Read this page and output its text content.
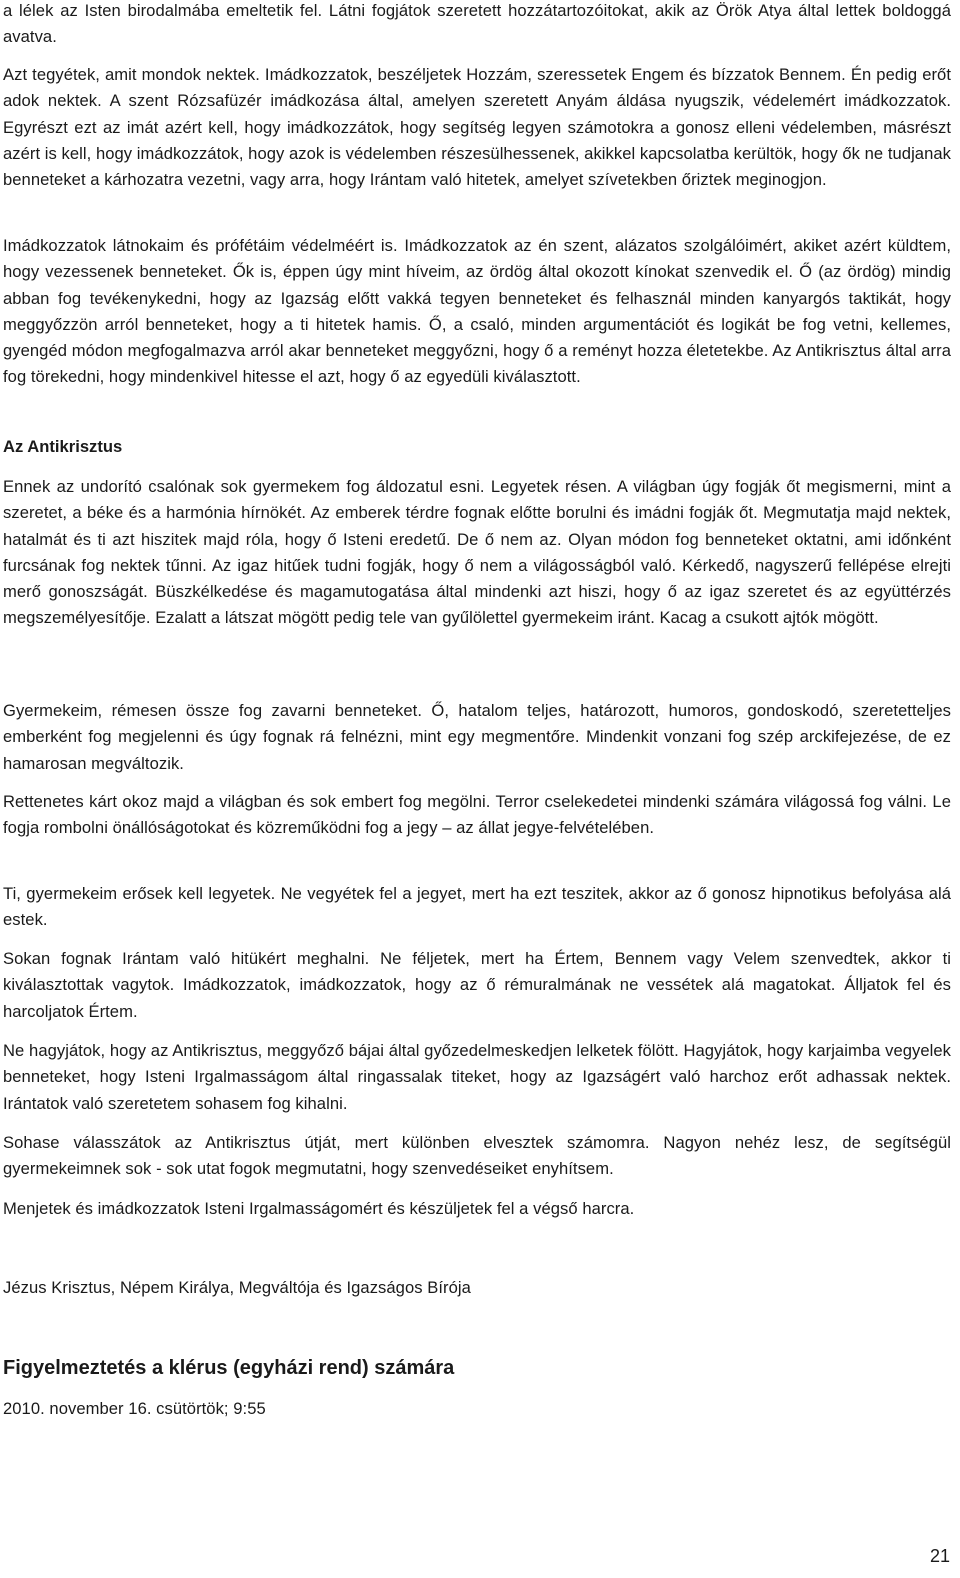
a lélek az Isten birodalmába emeltetik fel. Látni fogjátok szeretett hozzátartozóitokat, akik az Örök Atya által lettek boldoggá avatva.

Azt tegyétek, amit mondok nektek. Imádkozzatok, beszéljetek Hozzám, szeressetek Engem és bízzatok Bennem. Én pedig erőt adok nektek. A szent Rózsafüzér imádkozása által, amelyen szeretett Anyám áldása nyugszik, védelemért imádkozzatok. Egyrészt ezt az imát azért kell, hogy imádkozzátok, hogy segítség legyen számotokra a gonosz elleni védelemben, másrészt azért is kell, hogy imádkozzátok, hogy azok is védelemben részesülhessenek, akikkel kapcsolatba kerültök, hogy ők ne tudjanak benneteket a kárhozatra vezetni, vagy arra, hogy Irántam való hitetek, amelyet szívetekben őriztek meginogjon.

Imádkozzatok látnokaim és prófétáim védelméért is. Imádkozzatok az én szent, alázatos szolgálóimért, akiket azért küldtem, hogy vezessenek benneteket. Ők is, éppen úgy mint híveim, az ördög által okozott kínokat szenvedik el. Ő (az ördög) mindig abban fog tevékenykedni, hogy az Igazság előtt vakká tegyen benneteket és felhasznál minden kanyargós taktikát, hogy meggyőzzön arról benneteket, hogy a ti hitetek hamis. Ő, a csaló, minden argumentációt és logikát be fog vetni, kellemes, gyengéd módon megfogalmazva arról akar benneteket meggyőzni, hogy ő a reményt hozza életetekbe. Az Antikrisztus által arra fog törekedni, hogy mindenkivel hitesse el azt, hogy ő az egyedüli kiválasztott.

Az Antikrisztus

Ennek az undorító csalónak sok gyermekem fog áldozatul esni. Legyetek résen. A világban úgy fogják őt megismerni, mint a szeretet, a béke és a harmónia hírnökét. Az emberek térdre fognak előtte borulni és imádni fogják őt. Megmutatja majd nektek, hatalmát és ti azt hiszitek majd róla, hogy ő Isteni eredetű. De ő nem az. Olyan módon fog benneteket oktatni, ami időnként furcsának fog nektek tűnni. Az igaz hitűek tudni fogják, hogy ő nem a világosságból való. Kérkedő, nagyszerű fellépése elrejti merő gonoszságát. Büszkélkedése és magamutogatása által mindenki azt hiszi, hogy ő az igaz szeretet és az együttérzés megszemélyesítője. Ezalatt a látszat mögött pedig tele van gyűlölettel gyermekeim iránt. Kacag a csukott ajtók mögött.

Gyermekeim, rémesen össze fog zavarni benneteket. Ő, hatalom teljes, határozott, humoros, gondoskodó, szeretetteljes emberként fog megjelenni és úgy fognak rá felnézni, mint egy megmentőre. Mindenkit vonzani fog szép arckifejezése, de ez hamarosan megváltozik.

Rettenetes kárt okoz majd a világban és sok embert fog megölni. Terror cselekedetei mindenki számára világossá fog válni. Le fogja rombolni önállóságotokat és közreműködni fog a jegy – az állat jegye-felvételében.

Ti, gyermekeim erősek kell legyetek. Ne vegyétek fel a jegyet, mert ha ezt teszitek, akkor az ő gonosz hipnotikus befolyása alá estek.

Sokan fognak Irántam való hitükért meghalni. Ne féljetek, mert ha Értem, Bennem vagy Velem szenvedtek, akkor ti kiválasztottak vagytok. Imádkozzatok, imádkozzatok, hogy az ő rémuralmának ne vessétek alá magatokat. Álljatok fel és harcoljatok Értem.

Ne hagyjátok, hogy az Antikrisztus, meggyőző bájai által győzedelmeskedjen lelketek fölött. Hagyjátok, hogy karjaimba vegyelek benneteket, hogy Isteni Irgalmasságom által ringassalak titeket, hogy az Igazságért való harchoz erőt adhassak nektek. Irántatok való szeretetem sohasem fog kihalni.

Sohase válasszátok az Antikrisztus útját, mert különben elvesztek számomra. Nagyon nehéz lesz, de segítségül gyermekeimnek sok - sok utat fogok megmutatni, hogy szenvedéseiket enyhítsem.

Menjetek és imádkozzatok Isteni Irgalmasságomért és készüljetek fel a végső harcra.

Jézus Krisztus, Népem Királya, Megváltója és Igazságos Bírója

Figyelmeztetés a klérus (egyházi rend) számára

2010. november 16. csütörtök; 9:55

21
